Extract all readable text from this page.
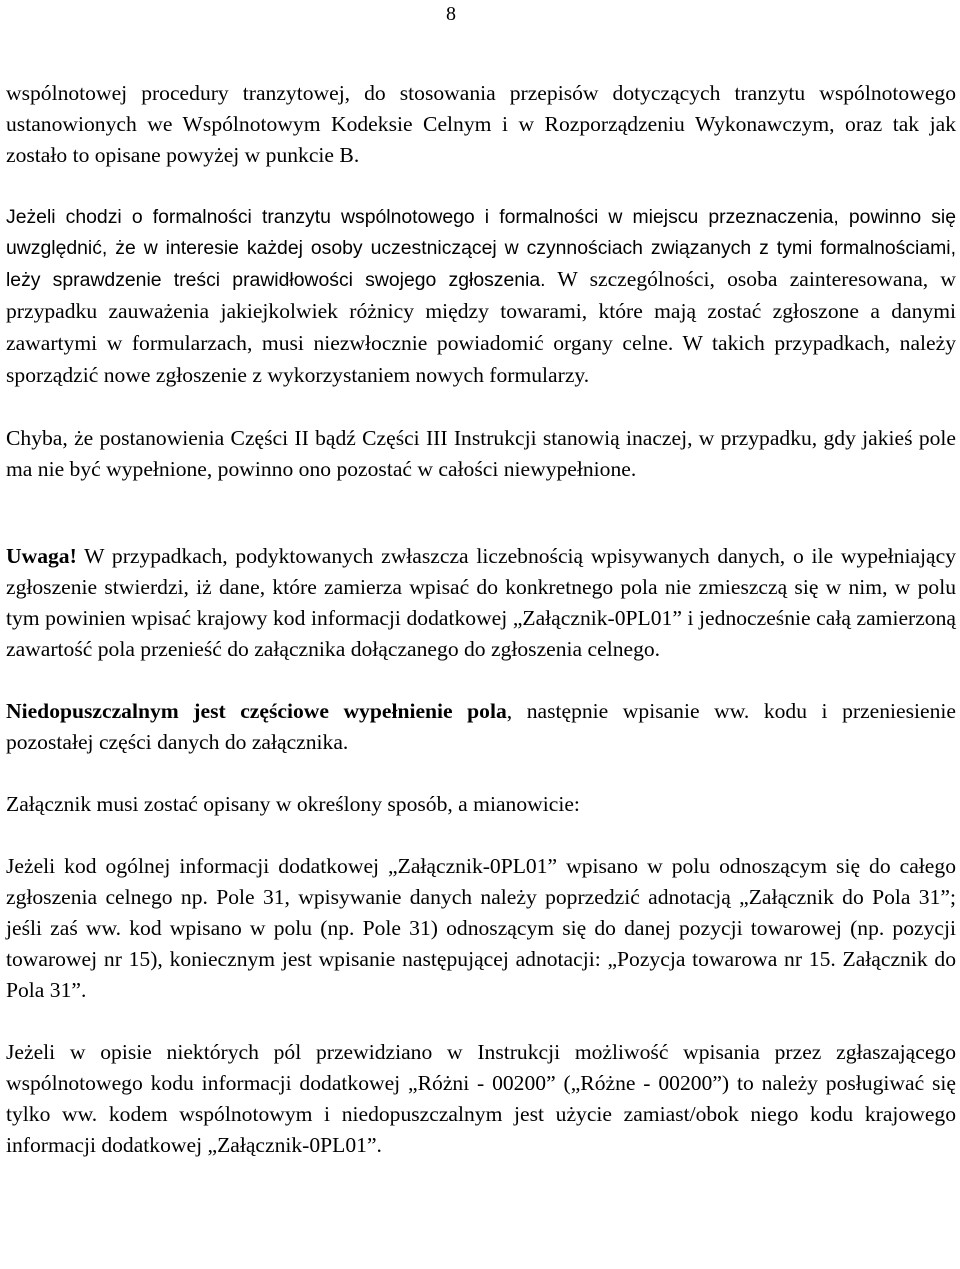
8

wspólnotowej procedury tranzytowej, do stosowania przepisów dotyczących tranzytu wspólnotowego ustanowionych we Wspólnotowym Kodeksie Celnym i w Rozporządzeniu Wykonawczym, oraz tak jak zostało to opisane powyżej w punkcie B.

Jeżeli chodzi o formalności tranzytu wspólnotowego i formalności w miejscu przeznaczenia, powinno się uwzględnić, że w interesie każdej osoby uczestniczącej w czynnościach związanych z tymi formalnościami, leży sprawdzenie treści prawidłowości swojego zgłoszenia. W szczególności, osoba zainteresowana, w przypadku zauważenia jakiejkolwiek różnicy między towarami, które mają zostać zgłoszone a danymi zawartymi w formularzach, musi niezwłocznie powiadomić organy celne. W takich przypadkach, należy sporządzić nowe zgłoszenie z wykorzystaniem nowych formularzy.

Chyba, że postanowienia Części II bądź Części III Instrukcji stanowią inaczej, w przypadku, gdy jakieś pole ma nie być wypełnione, powinno ono pozostać w całości niewypełnione.

Uwaga! W przypadkach, podyktowanych zwłaszcza liczebnością wpisywanych danych, o ile wypełniający zgłoszenie stwierdzi, iż dane, które zamierza wpisać do konkretnego pola nie zmieszczą się w nim, w polu tym powinien wpisać krajowy kod informacji dodatkowej „Załącznik-0PL01” i jednocześnie całą zamierzoną zawartość pola przenieść do załącznika dołączanego do zgłoszenia celnego.

Niedopuszczalnym jest częściowe wypełnienie pola, następnie wpisanie ww. kodu i przeniesienie pozostałej części danych do załącznika.

Załącznik musi zostać opisany w określony sposób, a mianowicie:

Jeżeli kod ogólnej informacji dodatkowej „Załącznik-0PL01” wpisano w polu odnoszącym się do całego zgłoszenia celnego np. Pole 31, wpisywanie danych należy poprzedzić adnotacją „Załącznik do Pola 31”; jeśli zaś ww. kod wpisano w polu (np. Pole 31) odnoszącym się do danej pozycji towarowej (np. pozycji towarowej nr 15), koniecznym jest wpisanie następującej adnotacji: „Pozycja towarowa nr 15. Załącznik do Pola 31”.

Jeżeli w opisie niektórych pól przewidziano w Instrukcji możliwość wpisania przez zgłaszającego wspólnotowego kodu informacji dodatkowej „Różni - 00200” („Różne - 00200”) to należy posługiwać się tylko ww. kodem wspólnotowym i niedopuszczalnym jest użycie zamiast/obok niego kodu krajowego informacji dodatkowej „Załącznik-0PL01”.
